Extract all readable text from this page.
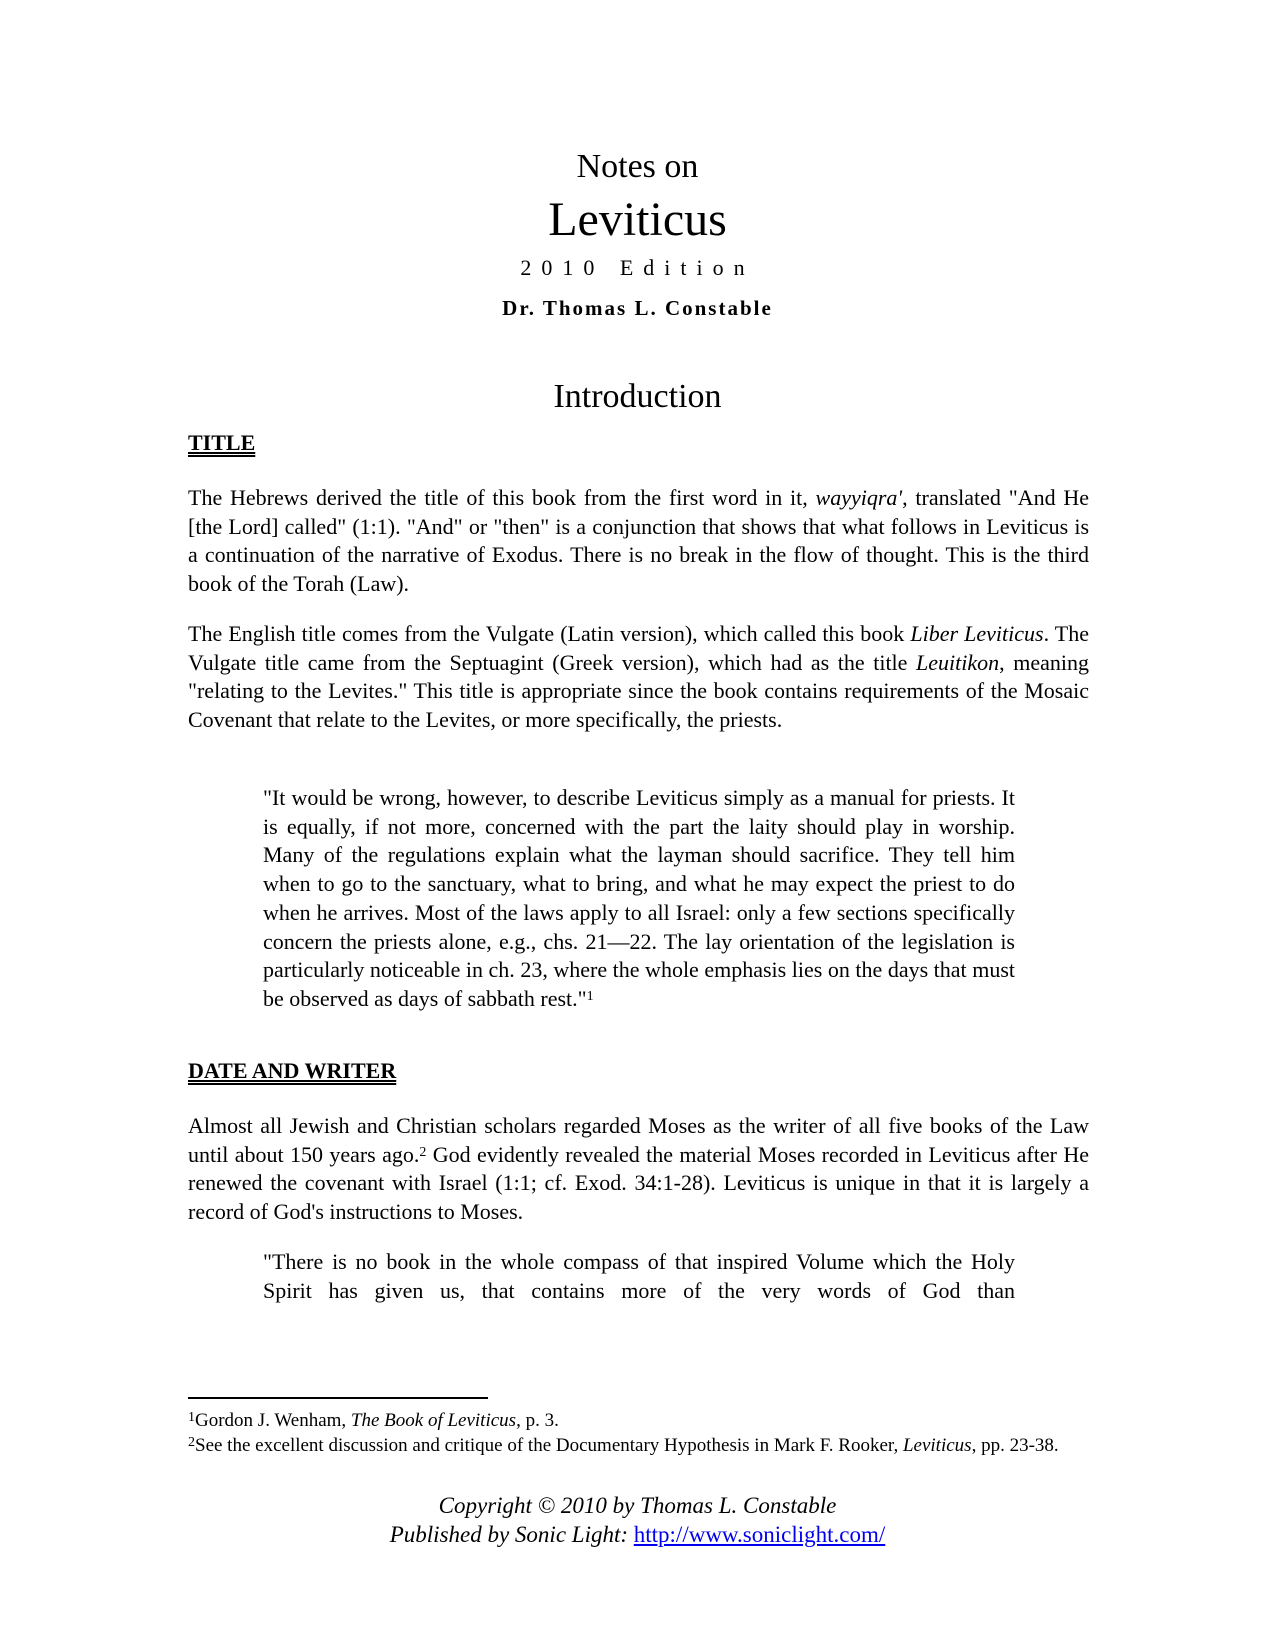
Notes on
Leviticus
2010 Edition
Dr. Thomas L. Constable
Introduction
TITLE

The Hebrews derived the title of this book from the first word in it, wayyiqra', translated "And He [the Lord] called" (1:1). "And" or "then" is a conjunction that shows that what follows in Leviticus is a continuation of the narrative of Exodus. There is no break in the flow of thought. This is the third book of the Torah (Law).

The English title comes from the Vulgate (Latin version), which called this book Liber Leviticus. The Vulgate title came from the Septuagint (Greek version), which had as the title Leuitikon, meaning "relating to the Levites." This title is appropriate since the book contains requirements of the Mosaic Covenant that relate to the Levites, or more specifically, the priests.

"It would be wrong, however, to describe Leviticus simply as a manual for priests. It is equally, if not more, concerned with the part the laity should play in worship. Many of the regulations explain what the layman should sacrifice. They tell him when to go to the sanctuary, what to bring, and what he may expect the priest to do when he arrives. Most of the laws apply to all Israel: only a few sections specifically concern the priests alone, e.g., chs. 21—22. The lay orientation of the legislation is particularly noticeable in ch. 23, where the whole emphasis lies on the days that must be observed as days of sabbath rest."$^1$

DATE AND WRITER

Almost all Jewish and Christian scholars regarded Moses as the writer of all five books of the Law until about 150 years ago.$^2$ God evidently revealed the material Moses recorded in Leviticus after He renewed the covenant with Israel (1:1; cf. Exod. 34:1-28). Leviticus is unique in that it is largely a record of God's instructions to Moses.

"There is no book in the whole compass of that inspired Volume which the Holy Spirit has given us, that contains more of the very words of God than

$^1$Gordon J. Wenham, The Book of Leviticus, p. 3.

$^2$See the excellent discussion and critique of the Documentary Hypothesis in Mark F. Rooker, Leviticus, pp. 23-38.

Copyright © 2010 by Thomas L. Constable
Published by Sonic Light: http://www.soniclight.com/
